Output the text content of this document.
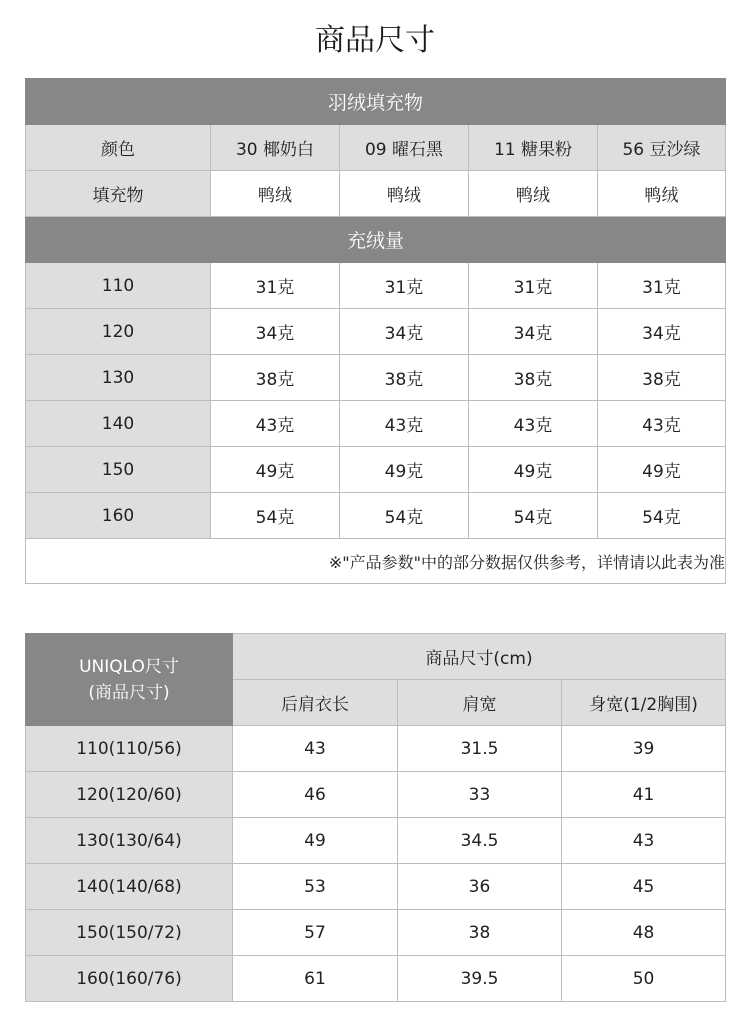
商品尺寸
羽绒填充物				
颜色	30 椰奶白	09 曜石黑	11 糖果粉	56 豆沙绿
填充物	鸭绒	鸭绒	鸭绒	鸭绒
充绒量				
110	31克	31克	31克	31克
120	34克	34克	34克	34克
130	38克	38克	38克	38克
140	43克	43克	43克	43克
150	49克	49克	49克	49克
160	54克	54克	54克	54克
※"产品参数"中的部分数据仅供参考，详情请以此表为准				
UNIQLO尺寸
(商品尺寸)	商品尺寸(cm)		
	后肩衣长	肩宽	身宽(1/2胸围)
110(110/56)	43	31.5	39
120(120/60)	46	33	41
130(130/64)	49	34.5	43
140(140/68)	53	36	45
150(150/72)	57	38	48
160(160/76)	61	39.5	50
